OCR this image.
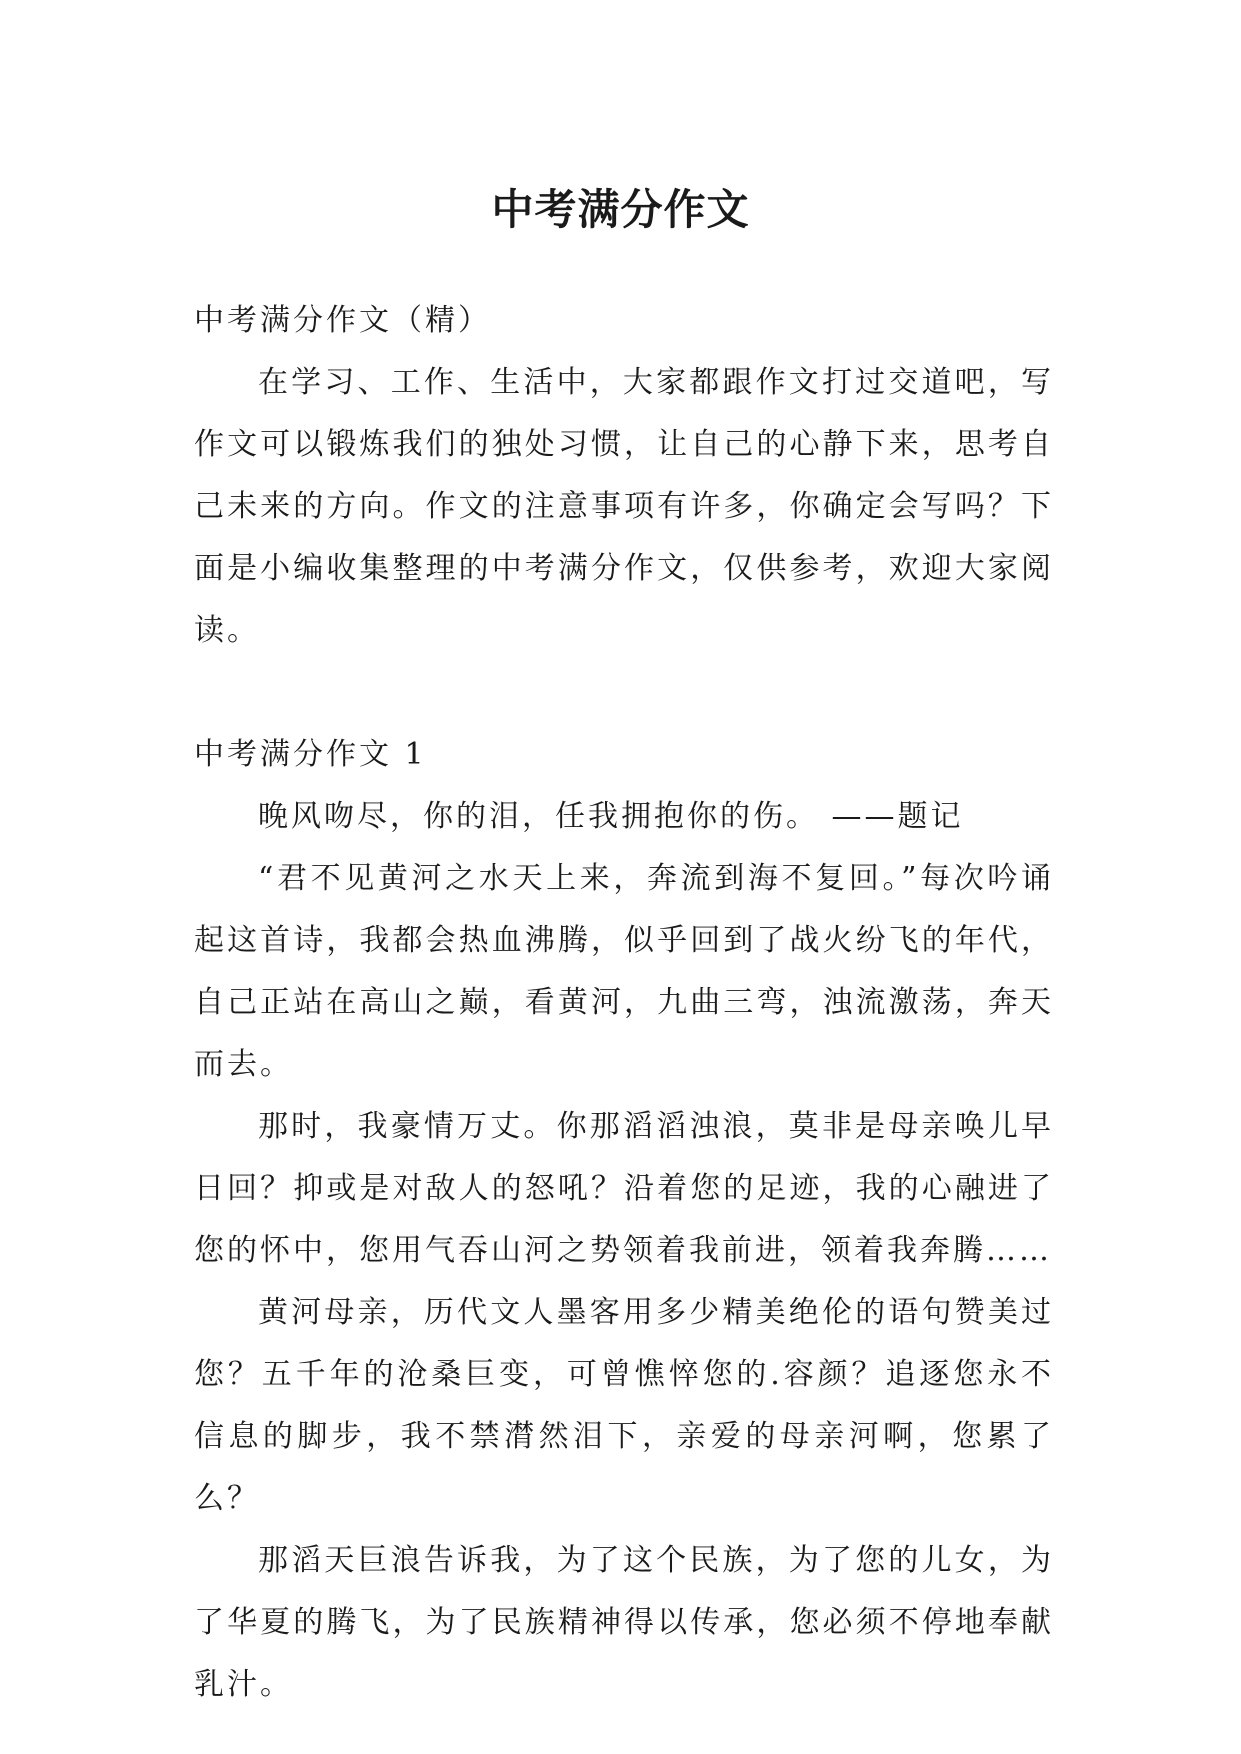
中考满分作文
中考满分作文（精）

在学习、工作、生活中，大家都跟作文打过交道吧，写作文可以锻炼我们的独处习惯，让自己的心静下来，思考自己未来的方向。作文的注意事项有许多，你确定会写吗？下面是小编收集整理的中考满分作文，仅供参考，欢迎大家阅读。

中考满分作文 1

晚风吻尽，你的泪，任我拥抱你的伤。 ——题记

“君不见黄河之水天上来，奔流到海不复回。”每次吟诵起这首诗，我都会热血沸腾，似乎回到了战火纷飞的年代，自己正站在高山之巅，看黄河，九曲三弯，浊流激荡，奔天而去。

那时，我豪情万丈。你那滔滔浊浪，莫非是母亲唤儿早日回？抑或是对敌人的怒吼？沿着您的足迹，我的心融进了您的怀中，您用气吞山河之势领着我前进，领着我奔腾……

黄河母亲，历代文人墨客用多少精美绝伦的语句赞美过您？五千年的沧桑巨变，可曾憔悴您的.容颜？追逐您永不信息的脚步，我不禁潸然泪下，亲爱的母亲河啊，您累了么？

那滔天巨浪告诉我，为了这个民族，为了您的儿女，为了华夏的腾飞，为了民族精神得以传承，您必须不停地奉献乳汁。
